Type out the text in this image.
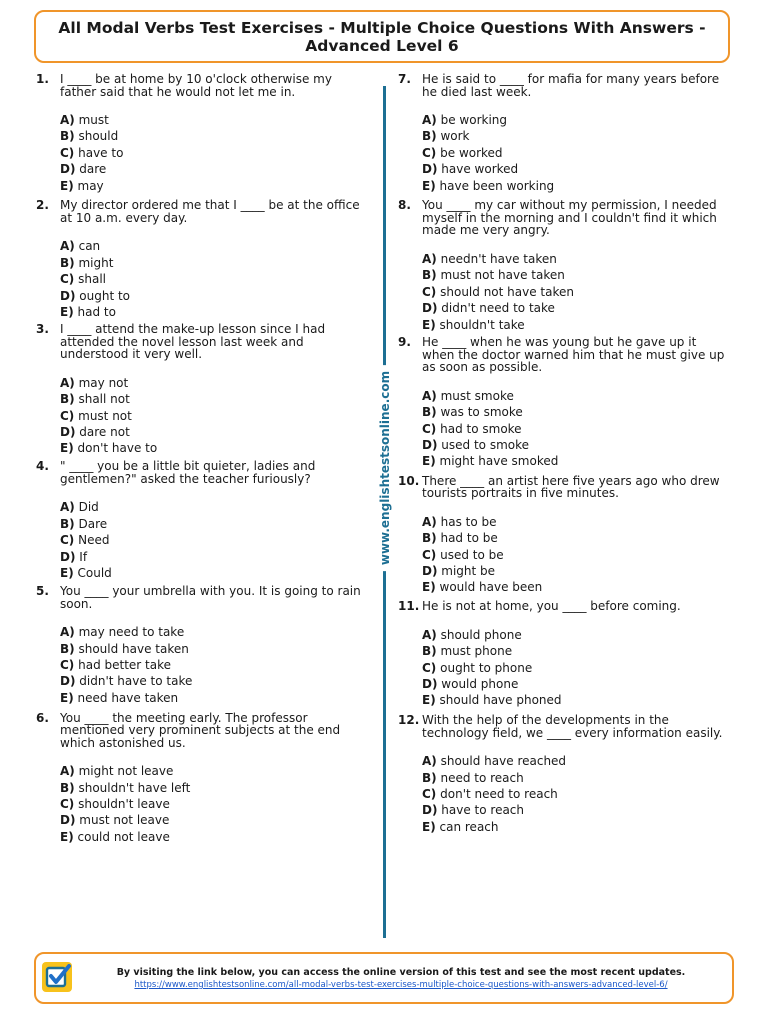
All Modal Verbs Test Exercises - Multiple Choice Questions With Answers - Advanced Level 6
1. I ____ be at home by 10 o'clock otherwise my father said that he would not let me in.
A) must
B) should
C) have to
D) dare
E) may
2. My director ordered me that I ____ be at the office at 10 a.m. every day.
A) can
B) might
C) shall
D) ought to
E) had to
3. I ____ attend the make-up lesson since I had attended the novel lesson last week and understood it very well.
A) may not
B) shall not
C) must not
D) dare not
E) don't have to
4. " ____ you be a little bit quieter, ladies and gentlemen?" asked the teacher furiously?
A) Did
B) Dare
C) Need
D) If
E) Could
5. You ____ your umbrella with you. It is going to rain soon.
A) may need to take
B) should have taken
C) had better take
D) didn't have to take
E) need have taken
6. You ____ the meeting early. The professor mentioned very prominent subjects at the end which astonished us.
A) might not leave
B) shouldn't have left
C) shouldn't leave
D) must not leave
E) could not leave
7. He is said to ____ for mafia for many years before he died last week.
A) be working
B) work
C) be worked
D) have worked
E) have been working
8. You ____ my car without my permission, I needed myself in the morning and I couldn't find it which made me very angry.
A) needn't have taken
B) must not have taken
C) should not have taken
D) didn't need to take
E) shouldn't take
9. He ____ when he was young but he gave up it when the doctor warned him that he must give up as soon as possible.
A) must smoke
B) was to smoke
C) had to smoke
D) used to smoke
E) might have smoked
10. There ____ an artist here five years ago who drew tourists portraits in five minutes.
A) has to be
B) had to be
C) used to be
D) might be
E) would have been
11. He is not at home, you ____ before coming.
A) should phone
B) must phone
C) ought to phone
D) would phone
E) should have phoned
12. With the help of the developments in the technology field, we ____ every information easily.
A) should have reached
B) need to reach
C) don't need to reach
D) have to reach
E) can reach
www.englishtestsonline.com
By visiting the link below, you can access the online version of this test and see the most recent updates.
https://www.englishtestsonline.com/all-modal-verbs-test-exercises-multiple-choice-questions-with-answers-advanced-level-6/
